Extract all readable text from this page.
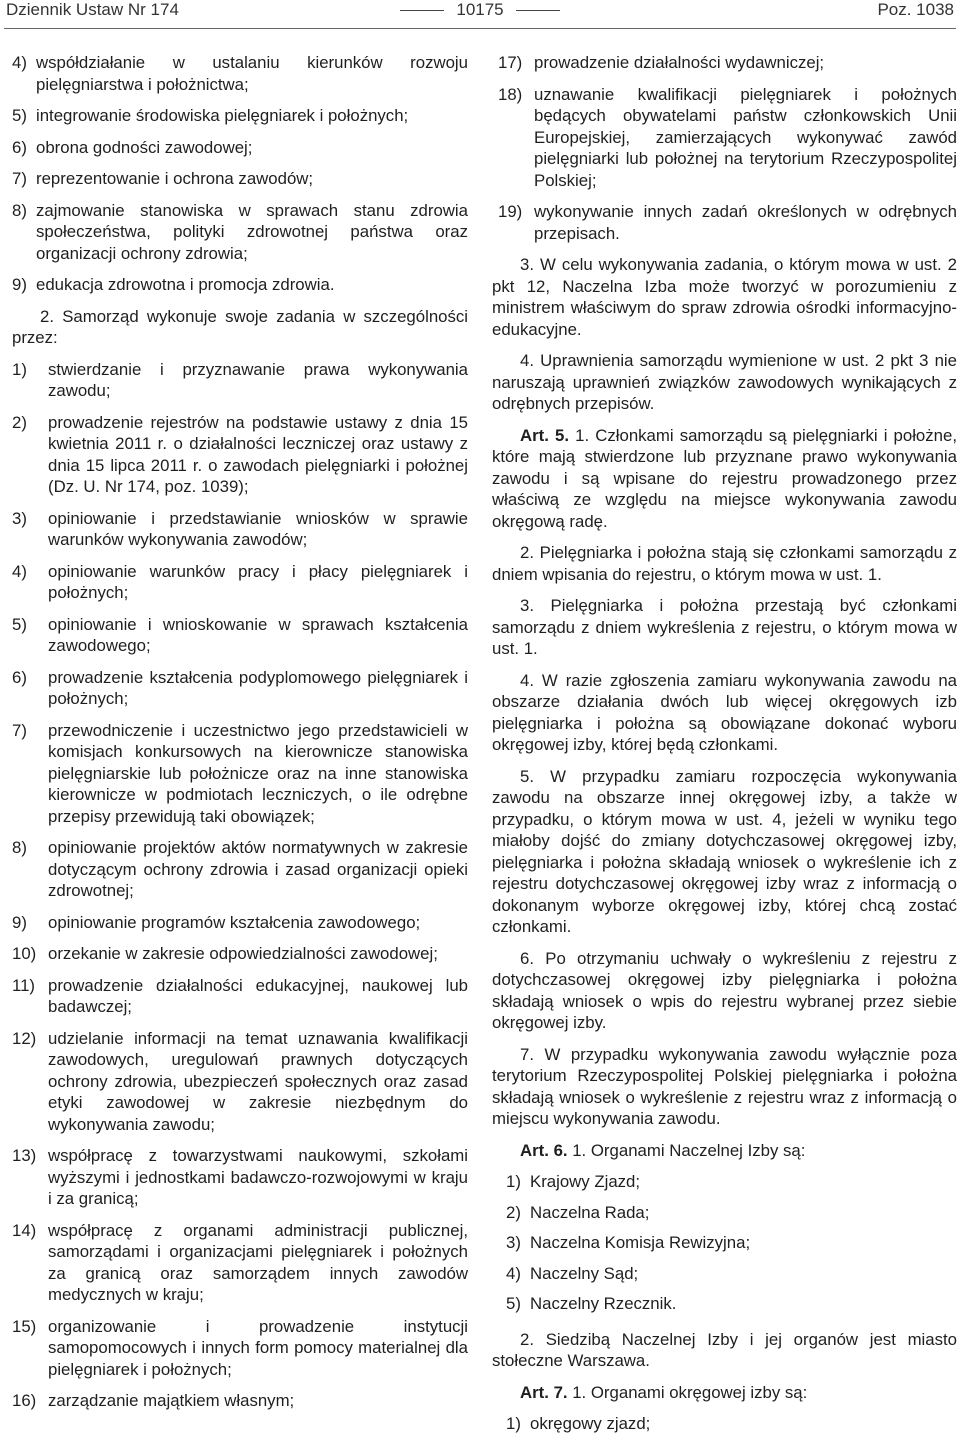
Dziennik Ustaw Nr 174	10175	Poz. 1038
4) współdziałanie w ustalaniu kierunków rozwoju pielęgniarstwa i położnictwa;
5) integrowanie środowiska pielęgniarek i położnych;
6) obrona godności zawodowej;
7) reprezentowanie i ochrona zawodów;
8) zajmowanie stanowiska w sprawach stanu zdrowia społeczeństwa, polityki zdrowotnej państwa oraz organizacji ochrony zdrowia;
9) edukacja zdrowotna i promocja zdrowia.

2. Samorząd wykonuje swoje zadania w szczególności przez:

1)	stwierdzanie i przyznawanie prawa wykonywania zawodu;
2)	prowadzenie rejestrów na podstawie ustawy z dnia 15 kwietnia 2011 r. o działalności leczniczej oraz ustawy z dnia 15 lipca 2011 r. o zawodach pielęgniarki i położnej (Dz. U. Nr 174, poz. 1039);
3)	opiniowanie i przedstawianie wniosków w sprawie warunków wykonywania zawodów;
4)	opiniowanie warunków pracy i płacy pielęgniarek i położnych;
5)	opiniowanie i wnioskowanie w sprawach kształcenia zawodowego;
6)	prowadzenie kształcenia podyplomowego pielęgniarek i położnych;
7)	przewodniczenie i uczestnictwo jego przedstawicieli w komisjach konkursowych na kierownicze stanowiska pielęgniarskie lub położnicze oraz na inne stanowiska kierownicze w podmiotach leczniczych, o ile odrębne przepisy przewidują taki obowiązek;
8)	opiniowanie projektów aktów normatywnych w zakresie dotyczącym ochrony zdrowia i zasad organizacji opieki zdrowotnej;
9)	opiniowanie programów kształcenia zawodowego;
10) orzekanie w zakresie odpowiedzialności zawodowej;
11) prowadzenie działalności edukacyjnej, naukowej lub badawczej;
12) udzielanie informacji na temat uznawania kwalifikacji zawodowych, uregulowań prawnych dotyczących ochrony zdrowia, ubezpieczeń społecznych oraz zasad etyki zawodowej w zakresie niezbędnym do wykonywania zawodu;
13) współpracę z towarzystwami naukowymi, szkołami wyższymi i jednostkami badawczo-rozwojowymi w kraju i za granicą;
14) współpracę z organami administracji publicznej, samorządami i organizacjami pielęgniarek i położnych za granicą oraz samorządem innych zawodów medycznych w kraju;
15) organizowanie i prowadzenie instytucji samopomocowych i innych form pomocy materialnej dla pielęgniarek i położnych;
16) zarządzanie majątkiem własnym;
17) prowadzenie działalności wydawniczej;
18) uznawanie kwalifikacji pielęgniarek i położnych będących obywatelami państw członkowskich Unii Europejskiej, zamierzających wykonywać zawód pielęgniarki lub położnej na terytorium Rzeczypospolitej Polskiej;
19) wykonywanie innych zadań określonych w odrębnych przepisach.

3. W celu wykonywania zadania, o którym mowa w ust. 2 pkt 12, Naczelna Izba może tworzyć w porozumieniu z ministrem właściwym do spraw zdrowia ośrodki informacyjno-edukacyjne.

4. Uprawnienia samorządu wymienione w ust. 2 pkt 3 nie naruszają uprawnień związków zawodowych wynikających z odrębnych przepisów.

Art. 5. 1. Członkami samorządu są pielęgniarki i położne, które mają stwierdzone lub przyznane prawo wykonywania zawodu i są wpisane do rejestru prowadzonego przez właściwą ze względu na miejsce wykonywania zawodu okręgową radę.

2. Pielęgniarka i położna stają się członkami samorządu z dniem wpisania do rejestru, o którym mowa w ust. 1.

3. Pielęgniarka i położna przestają być członkami samorządu z dniem wykreślenia z rejestru, o którym mowa w ust. 1.

4. W razie zgłoszenia zamiaru wykonywania zawodu na obszarze działania dwóch lub więcej okręgowych izb pielęgniarka i położna są obowiązane dokonać wyboru okręgowej izby, której będą członkami.

5. W przypadku zamiaru rozpoczęcia wykonywania zawodu na obszarze innej okręgowej izby, a także w przypadku, o którym mowa w ust. 4, jeżeli w wyniku tego miałoby dojść do zmiany dotychczasowej okręgowej izby, pielęgniarka i położna składają wniosek o wykreślenie ich z rejestru dotychczasowej okręgowej izby wraz z informacją o dokonanym wyborze okręgowej izby, której chcą zostać członkami.

6. Po otrzymaniu uchwały o wykreśleniu z rejestru z dotychczasowej okręgowej izby pielęgniarka i położna składają wniosek o wpis do rejestru wybranej przez siebie okręgowej izby.

7. W przypadku wykonywania zawodu wyłącznie poza terytorium Rzeczypospolitej Polskiej pielęgniarka i położna składają wniosek o wykreślenie z rejestru wraz z informacją o miejscu wykonywania zawodu.

Art. 6. 1. Organami Naczelnej Izby są:

1) Krajowy Zjazd;
2) Naczelna Rada;
3) Naczelna Komisja Rewizyjna;
4) Naczelny Sąd;
5) Naczelny Rzecznik.

2. Siedzibą Naczelnej Izby i jej organów jest miasto stołeczne Warszawa.

Art. 7. 1. Organami okręgowej izby są:

1) okręgowy zjazd;
